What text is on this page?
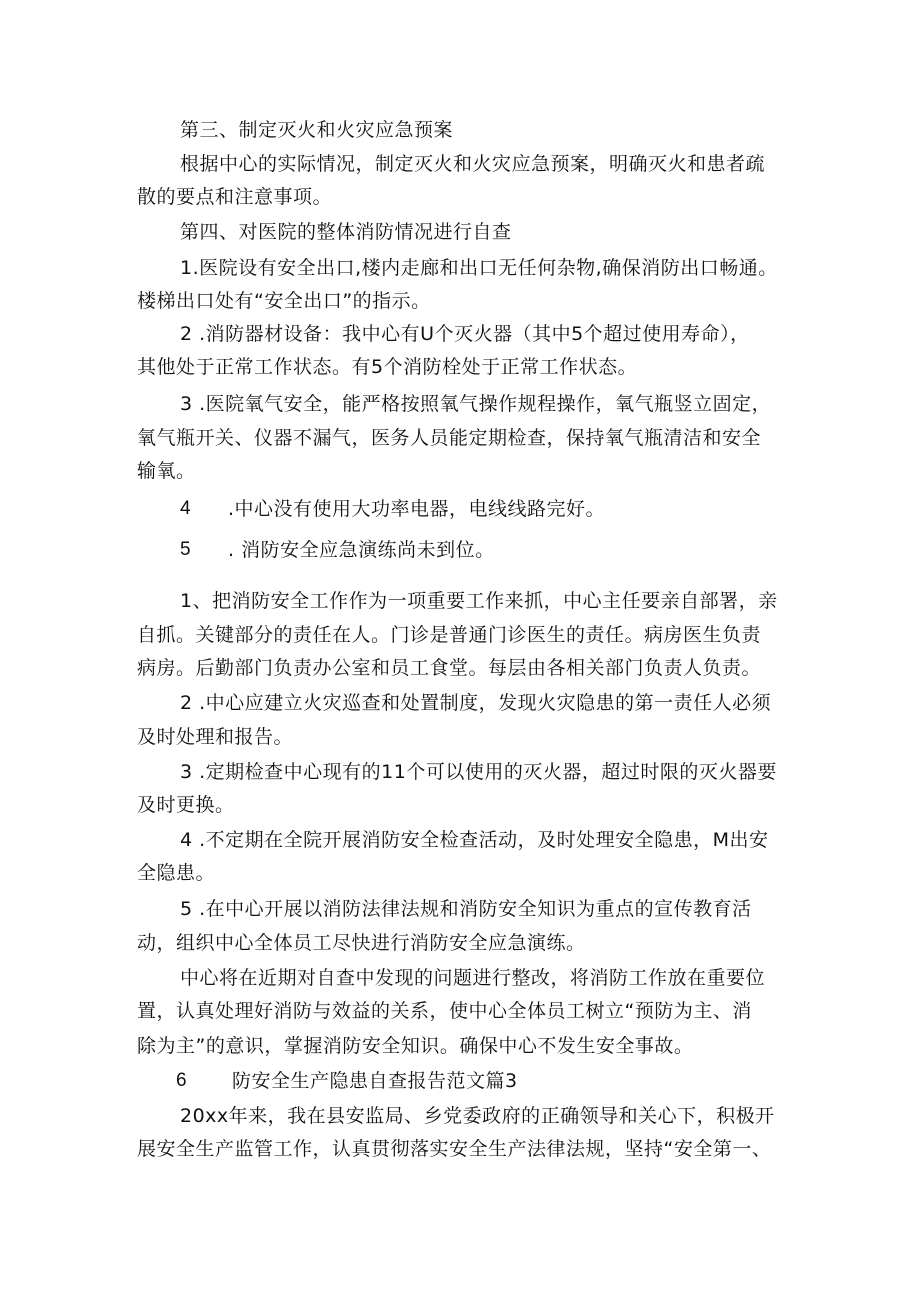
第三、制定灭火和火灾应急预案
根据中心的实际情况，制定灭火和火灾应急预案，明确灭火和患者疏
散的要点和注意事项。
第四、对医院的整体消防情况进行自查
1.医院设有安全出口,楼内走廊和出口无任何杂物,确保消防出口畅通。
楼梯出口处有“安全出口”的指示。
2 .消防器材设备：我中心有U个灭火器（其中5个超过使用寿命），
其他处于正常工作状态。有5个消防栓处于正常工作状态。
3 .医院氧气安全，能严格按照氧气操作规程操作，氧气瓶竖立固定，
氧气瓶开关、仪器不漏气，医务人员能定期检查，保持氧气瓶清洁和安全
输氧。
4 .中心没有使用大功率电器，电线线路完好。
5 . 消防安全应急演练尚未到位。
1、把消防安全工作作为一项重要工作来抓，中心主任要亲自部署，亲
自抓。关键部分的责任在人。门诊是普通门诊医生的责任。病房医生负责
病房。后勤部门负责办公室和员工食堂。每层由各相关部门负责人负责。
2 .中心应建立火灾巡查和处置制度，发现火灾隐患的第一责任人必须
及时处理和报告。
3 .定期检查中心现有的11个可以使用的灭火器，超过时限的灭火器要
及时更换。
4 .不定期在全院开展消防安全检查活动，及时处理安全隐患，M出安
全隐患。
5 .在中心开展以消防法律法规和消防安全知识为重点的宣传教育活
动，组织中心全体员工尽快进行消防安全应急演练。
中心将在近期对自查中发现的问题进行整改，将消防工作放在重要位
置，认真处理好消防与效益的关系，使中心全体员工树立“预防为主、消
除为主”的意识，掌握消防安全知识。确保中心不发生安全事故。
6 防安全生产隐患自查报告范文篇3
20xx年来，我在县安监局、乡党委政府的正确领导和关心下，积极开
展安全生产监管工作，认真贯彻落实安全生产法律法规，坚持“安全第一、
